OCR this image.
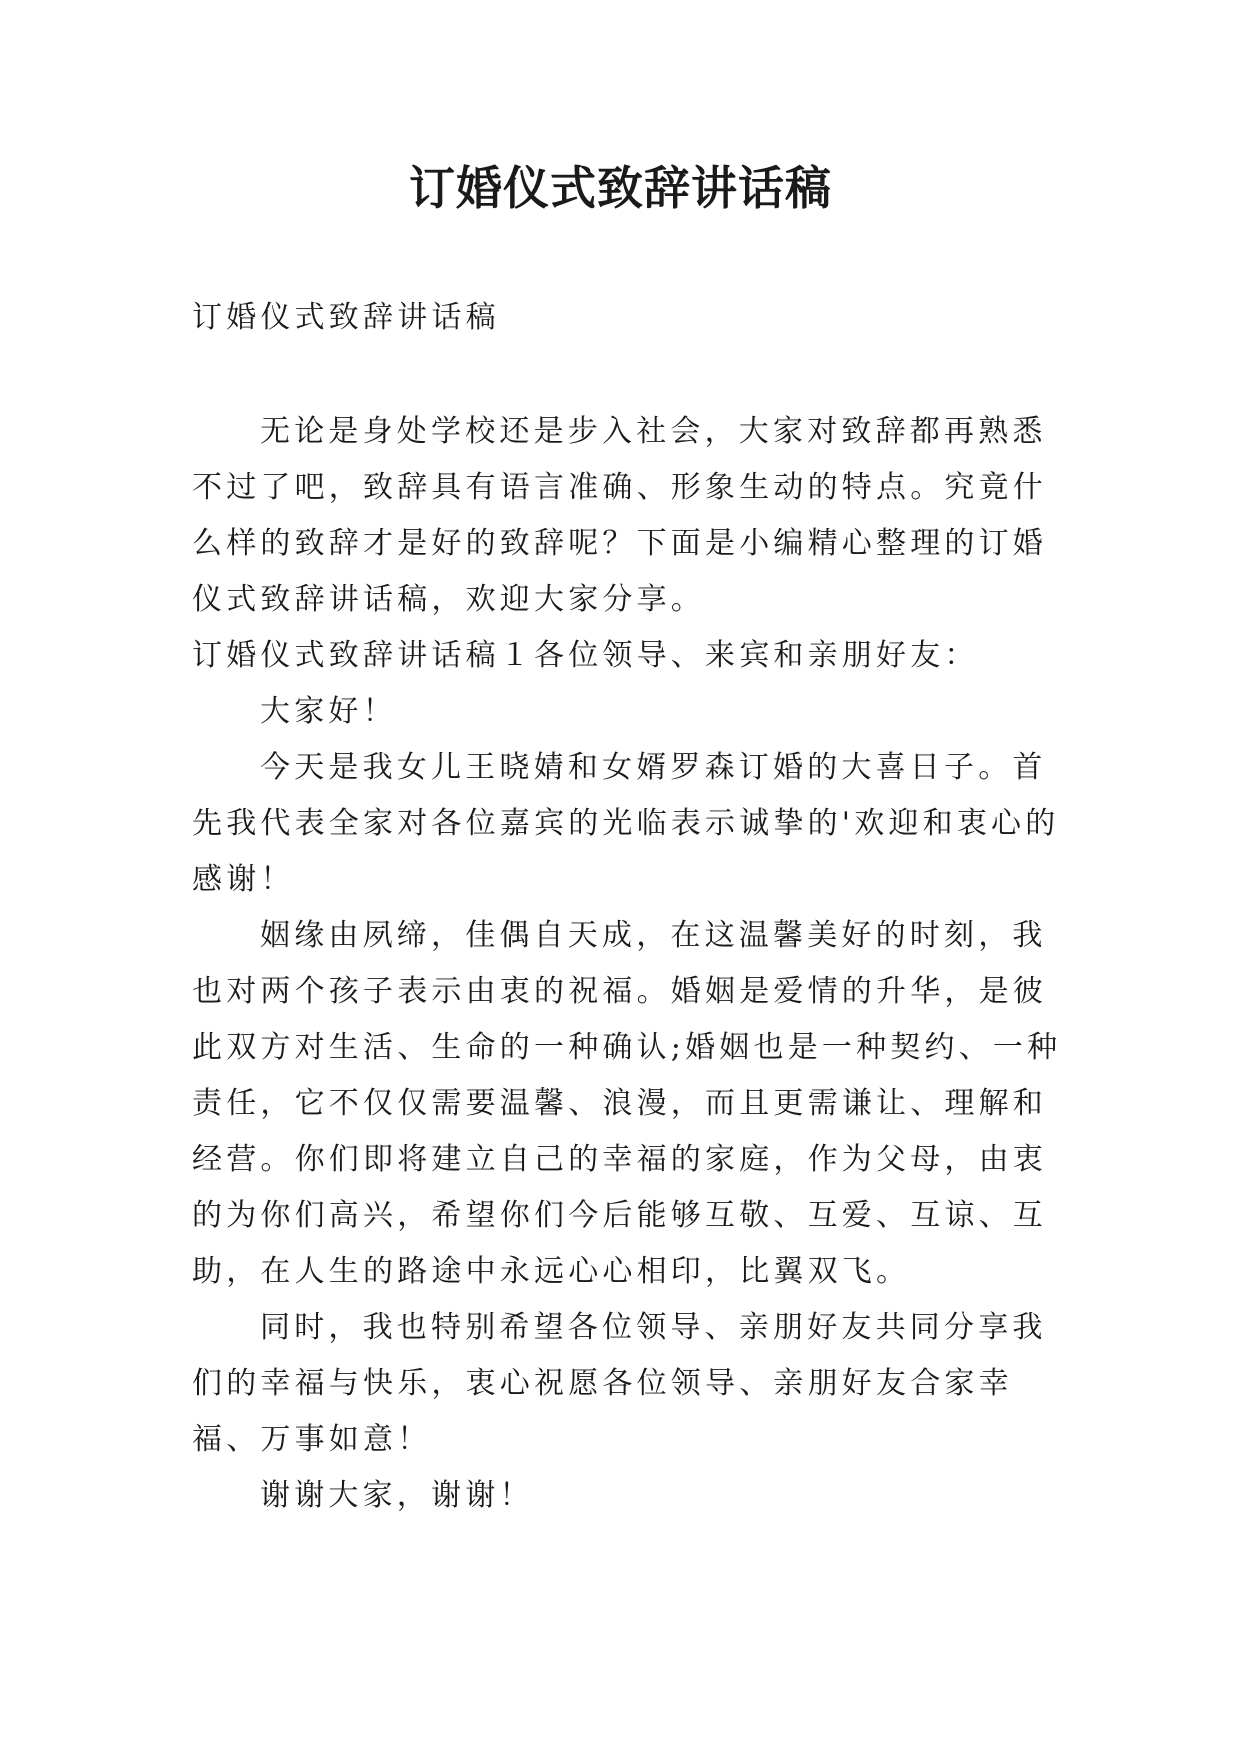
订婚仪式致辞讲话稿

订婚仪式致辞讲话稿

无论是身处学校还是步入社会，大家对致辞都再熟悉不过了吧，致辞具有语言准确、形象生动的特点。究竟什么样的致辞才是好的致辞呢？下面是小编精心整理的订婚仪式致辞讲话稿，欢迎大家分享。

订婚仪式致辞讲话稿１各位领导、来宾和亲朋好友：

大家好！

今天是我女儿王晓婧和女婿罗森订婚的大喜日子。首先我代表全家对各位嘉宾的光临表示诚挚的'欢迎和衷心的感谢！

姻缘由夙缔，佳偶自天成，在这温馨美好的时刻，我也对两个孩子表示由衷的祝福。婚姻是爱情的升华，是彼此双方对生活、生命的一种确认;婚姻也是一种契约、一种责任，它不仅仅需要温馨、浪漫，而且更需谦让、理解和经营。你们即将建立自己的幸福的家庭，作为父母，由衷的为你们高兴，希望你们今后能够互敬、互爱、互谅、互助，在人生的路途中永远心心相印，比翼双飞。

同时，我也特别希望各位领导、亲朋好友共同分享我们的幸福与快乐，衷心祝愿各位领导、亲朋好友合家幸福、万事如意！

谢谢大家，谢谢！
